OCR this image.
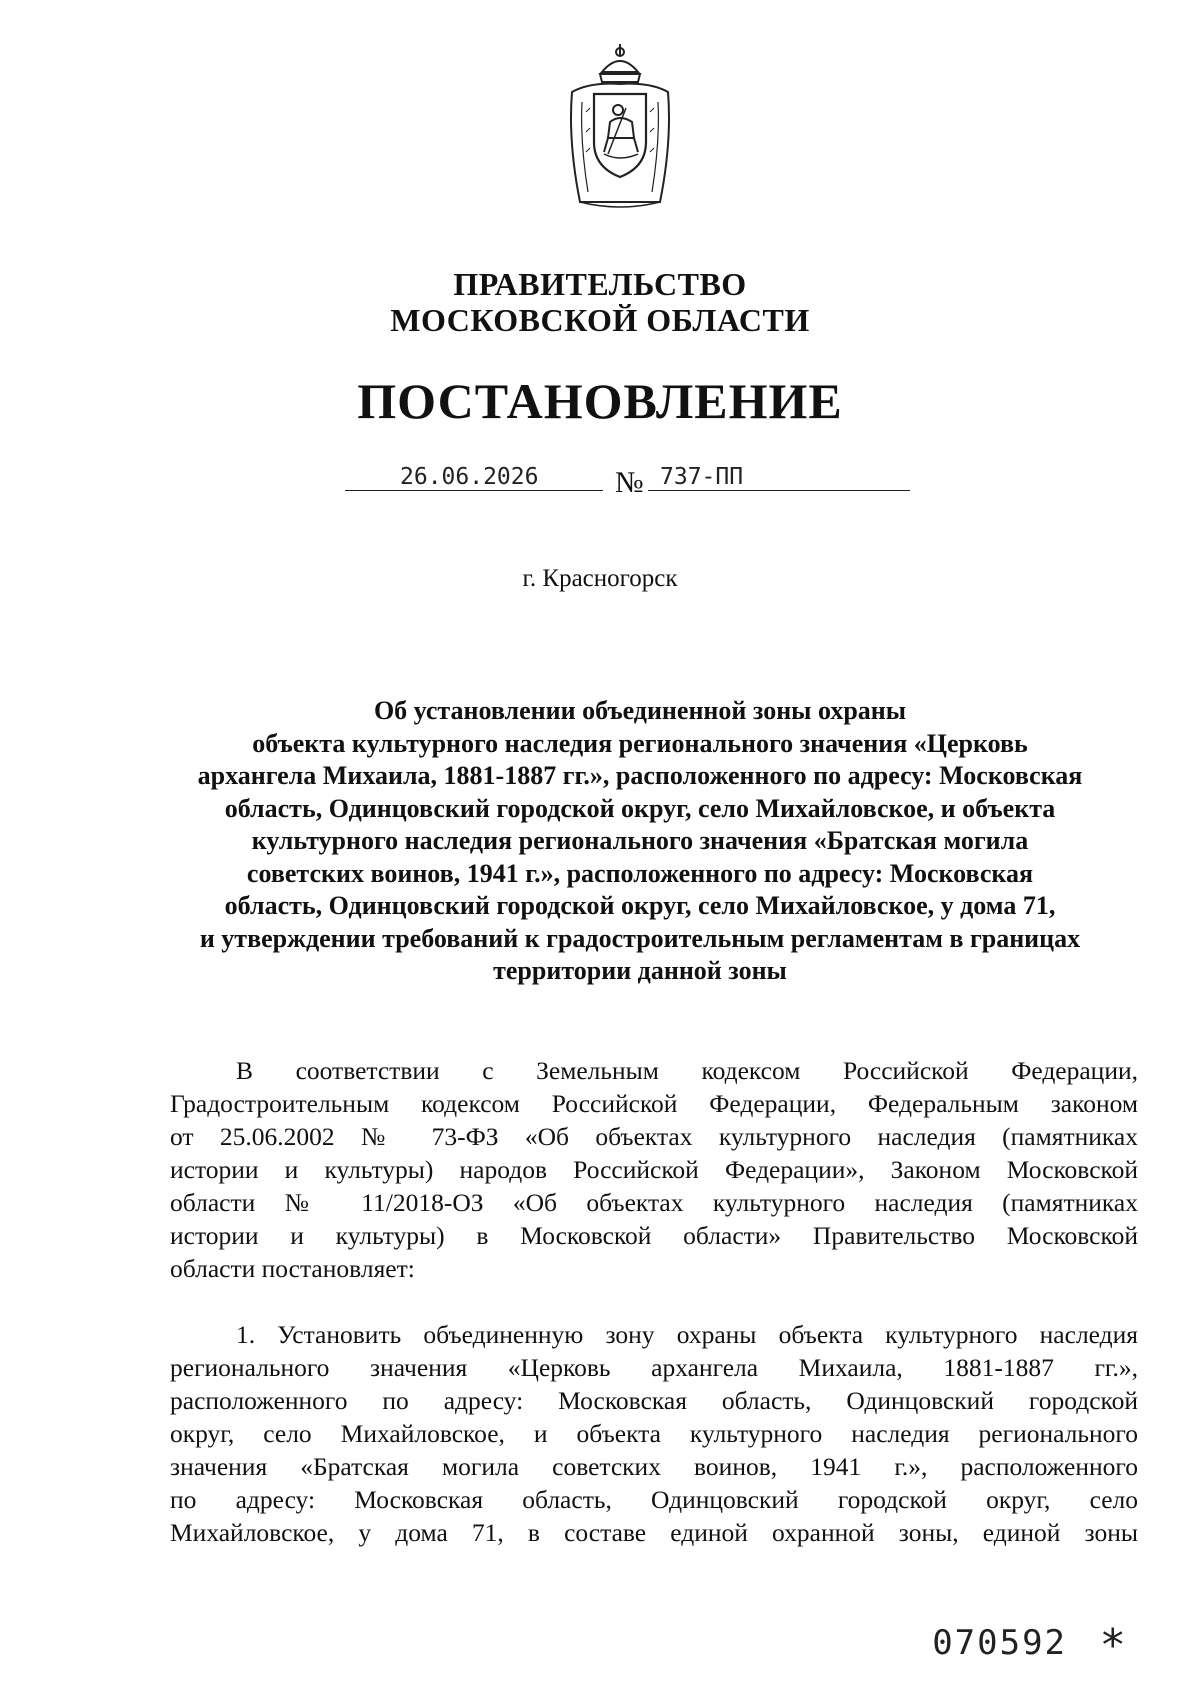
ПРАВИТЕЛЬСТВО
МОСКОВСКОЙ ОБЛАСТИ
ПОСТАНОВЛЕНИЕ
26.06.2026	№ 737-ПП
г. Красногорск
Об установлении объединенной зоны охраны
объекта культурного наследия регионального значения «Церковь
архангела Михаила, 1881-1887 гг.», расположенного по адресу: Московская
область, Одинцовский городской округ, село Михайловское, и объекта
культурного наследия регионального значения «Братская могила
советских воинов, 1941 г.», расположенного по адресу: Московская
область, Одинцовский городской округ, село Михайловское, у дома 71,
и утверждении требований к градостроительным регламентам в границах
территории данной зоны
В соответствии с Земельным кодексом Российской Федерации,
Градостроительным кодексом Российской Федерации, Федеральным законом
от 25.06.2002 № 73-ФЗ «Об объектах культурного наследия (памятниках
истории и культуры) народов Российской Федерации», Законом Московской
области № 11/2018-ОЗ «Об объектах культурного наследия (памятниках
истории и культуры) в Московской области» Правительство Московской
области постановляет:
1. Установить объединенную зону охраны объекта культурного наследия
регионального значения «Церковь архангела Михаила, 1881-1887 гг.»,
расположенного по адресу: Московская область, Одинцовский городской
округ, село Михайловское, и объекта культурного наследия регионального
значения «Братская могила советских воинов, 1941 г.», расположенного
по адресу: Московская область, Одинцовский городской округ, село
Михайловское, у дома 71, в составе единой охранной зоны, единой зоны
070592 *
